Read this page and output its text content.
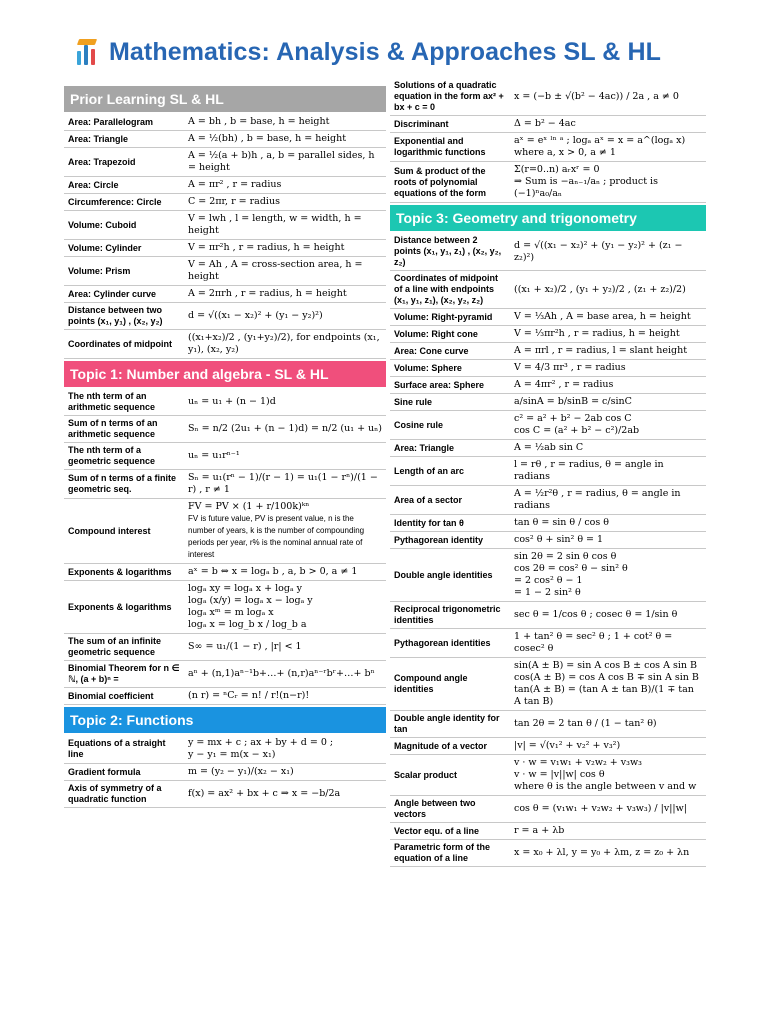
Mathematics: Analysis & Approaches SL & HL
Prior Learning SL & HL
Area: Parallelogram	A = bh , b = base, h = height

Area: Triangle	A = ½(bh) , b = base, h = height

Area: Trapezoid	A = ½(a + b)h , a, b = parallel sides, h = height

Area: Circle	A = πr² , r = radius

Circumference: Circle	C = 2πr, r = radius

Volume: Cuboid	V = lwh , l = length, w = width, h = height

Volume: Cylinder	V = πr²h , r = radius, h = height

Volume: Prism	V = Ah , A = cross-section area, h = height

Area: Cylinder curve	A = 2πrh , r = radius, h = height

Distance between two points (x₁, y₁) , (x₂, y₂)	d = √((x₁ − x₂)² + (y₁ − y₂)²)

Coordinates of midpoint	((x₁+x₂)/2 , (y₁+y₂)/2), for endpoints (x₁, y₁), (x₂, y₂)
Topic 1: Number and algebra - SL & HL
The nth term of an arithmetic sequence	uₙ = u₁ + (n − 1)d

Sum of n terms of an arithmetic sequence	Sₙ = n/2 (2u₁ + (n − 1)d) = n/2 (u₁ + uₙ)

The nth term of a geometric sequence	uₙ = u₁rⁿ⁻¹

Sum of n terms of a finite geometric seq.	Sₙ = u₁(rⁿ − 1)/(r − 1) = u₁(1 − rⁿ)/(1 − r) , r ≠ 1

Compound interest	FV = PV × (1 + r/100k)ᵏⁿ
FV is future value, PV is present value, n is the number of years, k is the number of compounding periods per year, r% is the nominal annual rate of interest

Exponents & logarithms	aˣ = b ⇔ x = logₐ b , a, b > 0, a ≠ 1

Exponents & logarithms	logₐ xy = logₐ x + logₐ y
logₐ (x/y) = logₐ x − logₐ y
logₐ xᵐ = m logₐ x
logₐ x = log_b x / log_b a

The sum of an infinite geometric sequence	S∞ = u₁/(1 − r) , |r| < 1

Binomial Theorem for n ∈ ℕ, (a + b)ⁿ =	aⁿ + (n,1)aⁿ⁻¹b+…+ (n,r)aⁿ⁻ʳbʳ+…+ bⁿ

Binomial coefficient	(n r) = ⁿCᵣ = n! / r!(n−r)!
Topic 2: Functions
Equations of a straight line	y = mx + c ; ax + by + d = 0 ;
y − y₁ = m(x − x₁)

Gradient formula	m = (y₂ − y₁)/(x₂ − x₁)

Axis of symmetry of a quadratic function	f(x) = ax² + bx + c ⇒ x = −b/2a
Solutions of a quadratic equation in the form ax² + bx + c = 0	x = (−b ± √(b² − 4ac)) / 2a , a ≠ 0

Discriminant	Δ = b² − 4ac

Exponential and logarithmic functions	aˣ = eˣ ˡⁿ ᵃ ; logₐ aˣ = x = a^(logₐ x)
where a, x > 0, a ≠ 1

Sum & product of the roots of polynomial equations of the form	Σ(r=0..n) aᵣxʳ = 0
⇒ Sum is −aₙ₋₁/aₙ ; product is (−1)ⁿa₀/aₙ
Topic 3: Geometry and trigonometry
Distance between 2 points (x₁, y₁, z₁) , (x₂, y₂, z₂)	d = √((x₁ − x₂)² + (y₁ − y₂)² + (z₁ − z₂)²)

Coordinates of midpoint of a line with endpoints (x₁, y₁, z₁), (x₂, y₂, z₂)	((x₁ + x₂)/2 , (y₁ + y₂)/2 , (z₁ + z₂)/2)

Volume: Right-pyramid	V = ⅓Ah , A = base area, h = height

Volume: Right cone	V = ⅓πr²h , r = radius, h = height

Area: Cone curve	A = πrl , r = radius, l = slant height

Volume: Sphere	V = 4/3 πr³ , r = radius

Surface area: Sphere	A = 4πr² , r = radius

Sine rule	a/sinA = b/sinB = c/sinC

Cosine rule	c² = a² + b² − 2ab cos C
cos C = (a² + b² − c²)/2ab

Area: Triangle	A = ½ab sin C

Length of an arc	l = rθ , r = radius, θ = angle in radians

Area of a sector	A = ½r²θ , r = radius, θ = angle in radians

Identity for tan θ	tan θ = sin θ / cos θ

Pythagorean identity	cos² θ + sin² θ = 1

Double angle identities	sin 2θ = 2 sin θ cos θ
cos 2θ = cos² θ − sin² θ
= 2 cos² θ − 1
= 1 − 2 sin² θ

Reciprocal trigonometric identities	sec θ = 1/cos θ ; cosec θ = 1/sin θ

Pythagorean identities	1 + tan² θ = sec² θ ; 1 + cot² θ = cosec² θ

Compound angle identities	sin(A ± B) = sin A cos B ± cos A sin B
cos(A ± B) = cos A cos B ∓ sin A sin B
tan(A ± B) = (tan A ± tan B)/(1 ∓ tan A tan B)

Double angle identity for tan	tan 2θ = 2 tan θ / (1 − tan² θ)

Magnitude of a vector	|v| = √(v₁² + v₂² + v₃²)

Scalar product	v · w = v₁w₁ + v₂w₂ + v₃w₃
v · w = |v||w| cos θ
where θ is the angle between v and w

Angle between two vectors	cos θ = (v₁w₁ + v₂w₂ + v₃w₃) / |v||w|

Vector equ. of a line	r = a + λb

Parametric form of the equation of a line	x = x₀ + λl, y = y₀ + λm, z = z₀ + λn
